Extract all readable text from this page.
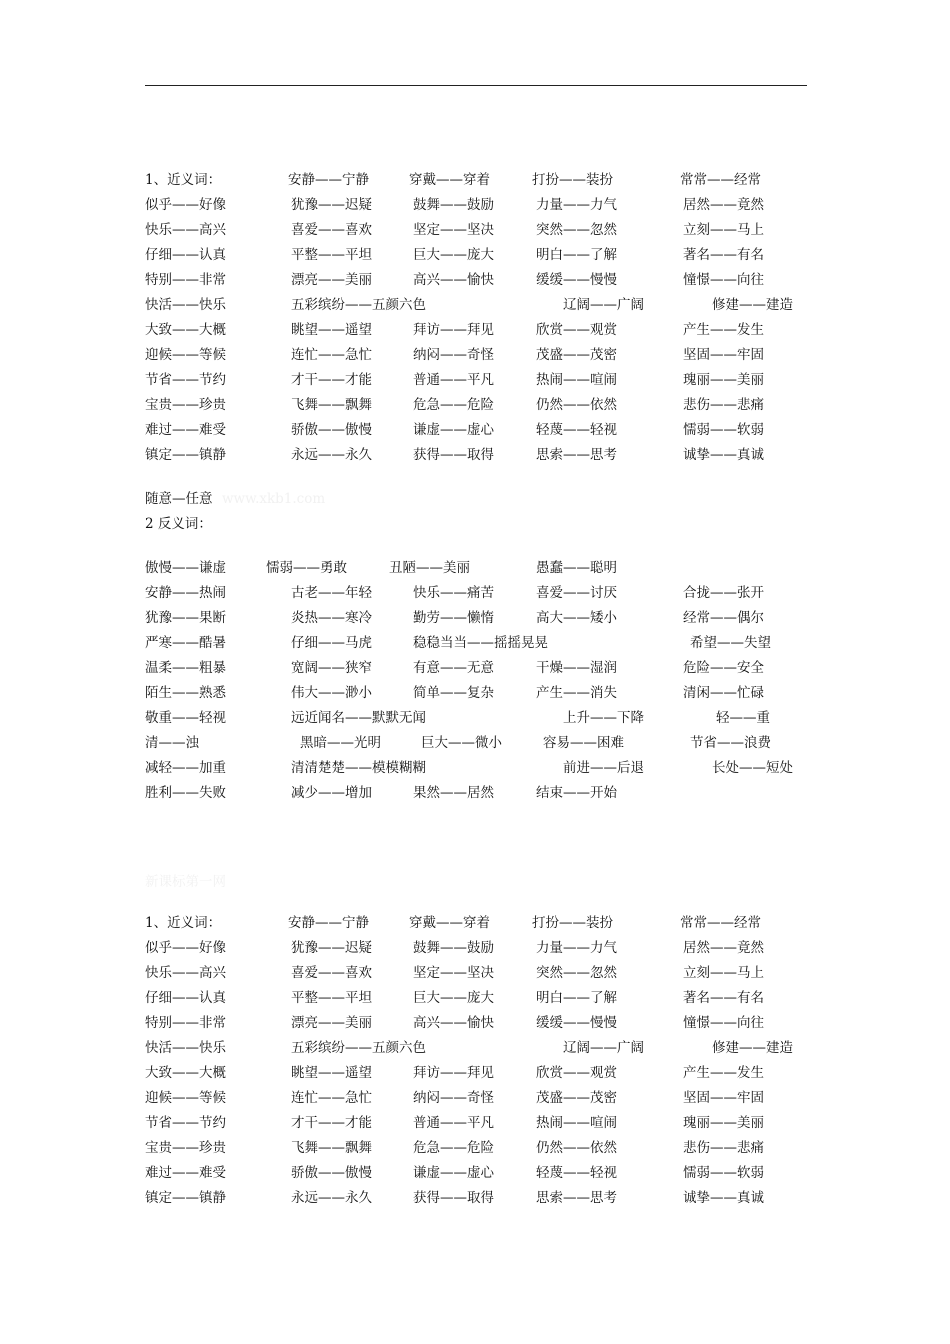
1、近义词：	安静——宁静	穿戴——穿着	打扮——装扮	常常——经常
似乎——好像	犹豫——迟疑	鼓舞——鼓励	力量——力气	居然——竟然
快乐——高兴	喜爱——喜欢	坚定——坚决	突然——忽然	立刻——马上
仔细——认真	平整——平坦	巨大——庞大	明白——了解	著名——有名
特别——非常	漂亮——美丽	高兴——愉快	缓缓——慢慢	憧憬——向往
快活——快乐	五彩缤纷——五颜六色	辽阔——广阔	修建——建造
大致——大概	眺望——遥望	拜访——拜见	欣赏——观赏	产生——发生
迎候——等候	连忙——急忙	纳闷——奇怪	茂盛——茂密	坚固——牢固
节省——节约	才干——才能	普通——平凡	热闹——喧闹	瑰丽——美丽
宝贵——珍贵	飞舞——飘舞	危急——危险	仍然——依然	悲伤——悲痛
难过——难受	骄傲——傲慢	谦虚——虚心	轻蔑——轻视	懦弱——软弱
镇定——镇静	永远——永久	获得——取得	思索——思考	诚挚——真诚
随意—任意 www.xkb1.com
2 反义词：
傲慢——谦虚	懦弱——勇敢	丑陋——美丽	愚蠢——聪明
安静——热闹	古老——年轻	快乐——痛苦	喜爱——讨厌	合拢——张开
犹豫——果断	炎热——寒冷	勤劳——懒惰	高大——矮小	经常——偶尔
严寒——酷暑	仔细——马虎	稳稳当当——摇摇晃晃	希望——失望
温柔——粗暴	宽阔——狭窄	有意——无意	干燥——湿润	危险——安全
陌生——熟悉	伟大——渺小	简单——复杂	产生——消失	清闲——忙碌
敬重——轻视	远近闻名——默默无闻	上升——下降	轻——重
清——浊	黑暗——光明	巨大——微小	容易——困难	节省——浪费
减轻——加重	清清楚楚——模模糊糊	前进——后退	长处——短处
胜利——失败	减少——增加	果然——居然	结束——开始
新课标第一网
1、近义词：	安静——宁静	穿戴——穿着	打扮——装扮	常常——经常
似乎——好像	犹豫——迟疑	鼓舞——鼓励	力量——力气	居然——竟然
快乐——高兴	喜爱——喜欢	坚定——坚决	突然——忽然	立刻——马上
仔细——认真	平整——平坦	巨大——庞大	明白——了解	著名——有名
特别——非常	漂亮——美丽	高兴——愉快	缓缓——慢慢	憧憬——向往
快活——快乐	五彩缤纷——五颜六色	辽阔——广阔	修建——建造
大致——大概	眺望——遥望	拜访——拜见	欣赏——观赏	产生——发生
迎候——等候	连忙——急忙	纳闷——奇怪	茂盛——茂密	坚固——牢固
节省——节约	才干——才能	普通——平凡	热闹——喧闹	瑰丽——美丽
宝贵——珍贵	飞舞——飘舞	危急——危险	仍然——依然	悲伤——悲痛
难过——难受	骄傲——傲慢	谦虚——虚心	轻蔑——轻视	懦弱——软弱
镇定——镇静	永远——永久	获得——取得	思索——思考	诚挚——真诚
